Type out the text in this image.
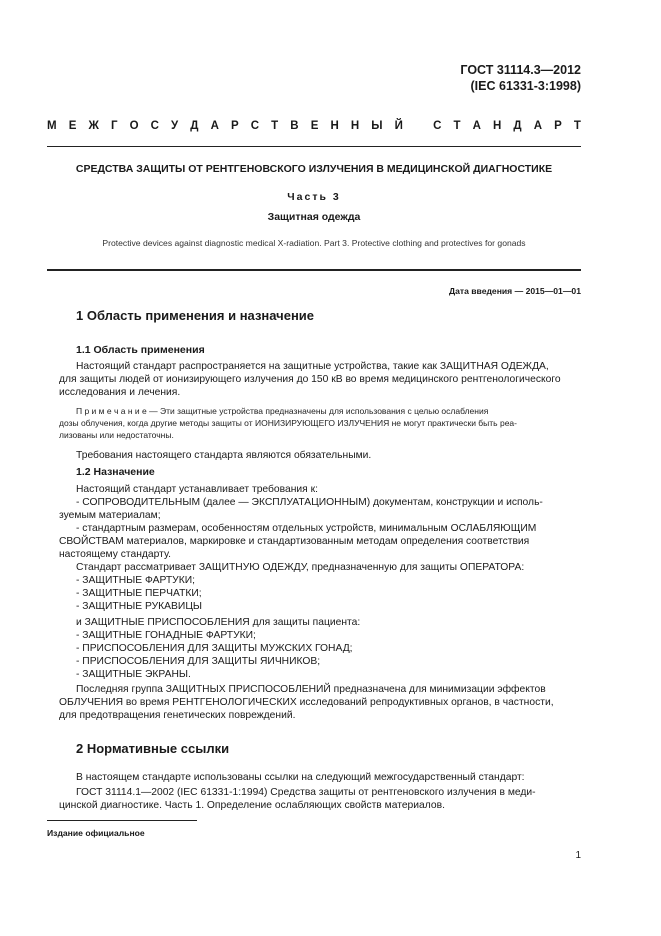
ГОСТ 31114.3—2012
(IEC 61331-3:1998)
М Е Ж Г О С У Д А Р С Т В Е Н Н Ы Й	С Т А Н Д А Р Т
СРЕДСТВА ЗАЩИТЫ ОТ РЕНТГЕНОВСКОГО ИЗЛУЧЕНИЯ В МЕДИЦИНСКОЙ ДИАГНОСТИКЕ
Часть 3
Защитная одежда
Protective devices against diagnostic medical X-radiation. Part 3. Protective clothing and protectives for gonads
Дата введения — 2015—01—01
1 Область применения и назначение
1.1 Область применения
Настоящий стандарт распространяется на защитные устройства, такие как ЗАЩИТНАЯ ОДЕЖДА,
для защиты людей от ионизирующего излучения до 150 кВ во время медицинского рентгенологического
исследования и лечения.
П р и м е ч а н и е — Эти защитные устройства предназначены для использования с целью ослабления
дозы облучения, когда другие методы защиты от ИОНИЗИРУЮЩЕГО ИЗЛУЧЕНИЯ не могут практически быть реа-
лизованы или недостаточны.
Требования настоящего стандарта являются обязательными.
1.2 Назначение
Настоящий стандарт устанавливает требования к:
- СОПРОВОДИТЕЛЬНЫМ (далее — ЭКСПЛУАТАЦИОННЫМ) документам, конструкции и исполь-
зуемым материалам;
- стандартным размерам, особенностям отдельных устройств, минимальным ОСЛАБЛЯЮЩИМ
СВОЙСТВАМ материалов, маркировке и стандартизованным методам определения соответствия
настоящему стандарту.
Стандарт рассматривает ЗАЩИТНУЮ ОДЕЖДУ, предназначенную для защиты ОПЕРАТОРА:
- ЗАЩИТНЫЕ ФАРТУКИ;
- ЗАЩИТНЫЕ ПЕРЧАТКИ;
- ЗАЩИТНЫЕ РУКАВИЦЫ
и ЗАЩИТНЫЕ ПРИСПОСОБЛЕНИЯ для защиты пациента:
- ЗАЩИТНЫЕ ГОНАДНЫЕ ФАРТУКИ;
- ПРИСПОСОБЛЕНИЯ ДЛЯ ЗАЩИТЫ МУЖСКИХ ГОНАД;
- ПРИСПОСОБЛЕНИЯ ДЛЯ ЗАЩИТЫ ЯИЧНИКОВ;
- ЗАЩИТНЫЕ ЭКРАНЫ.
Последняя группа ЗАЩИТНЫХ ПРИСПОСОБЛЕНИЙ предназначена для минимизации эффектов
ОБЛУЧЕНИЯ во время РЕНТГЕНОЛОГИЧЕСКИХ исследований репродуктивных органов, в частности,
для предотвращения генетических повреждений.
2 Нормативные ссылки
В настоящем стандарте использованы ссылки на следующий межгосударственный стандарт:
ГОСТ 31114.1—2002 (IEC 61331-1:1994) Средства защиты от рентгеновского излучения в меди-
цинской диагностике. Часть 1. Определение ослабляющих свойств материалов.
Издание официальное
1
